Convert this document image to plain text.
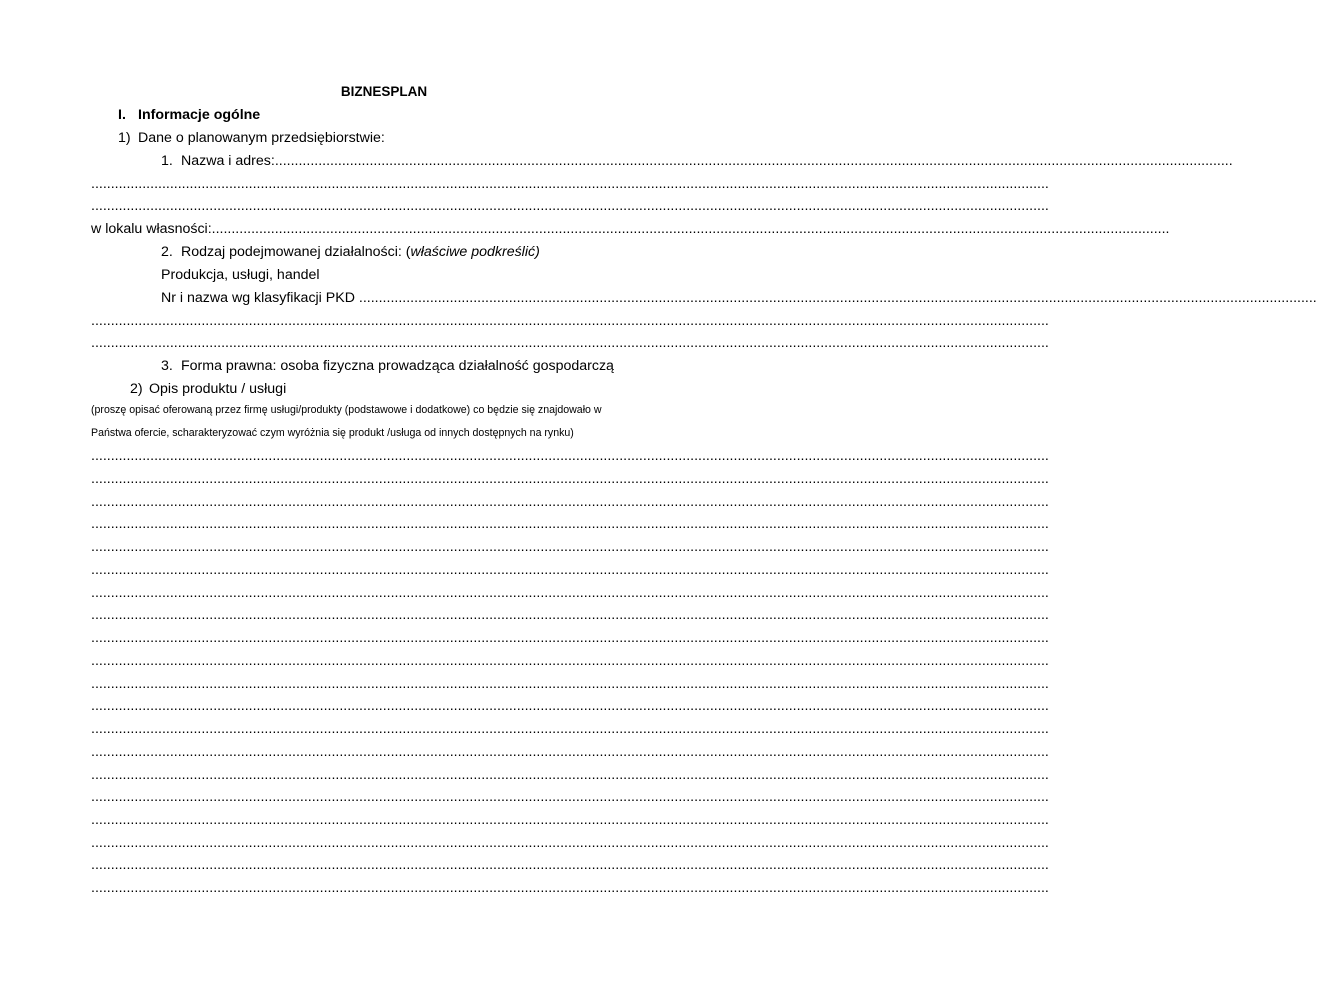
BIZNESPLAN
I. Informacje ogólne
1) Dane o planowanym przedsiębiorstwie:
1. Nazwa i adres:...................................................................................................................................................................................................................................................
...................................................................................................................................................................................................................................................
...................................................................................................................................................................................................................................................
w lokalu własności:...................................................................................................................................................................................................................................................
2. Rodzaj podejmowanej działalności: (właściwe podkreślić)
Produkcja, usługi, handel
Nr i nazwa wg klasyfikacji PKD ...................................................................................................................................................................................................................................................
...................................................................................................................................................................................................................................................
...................................................................................................................................................................................................................................................
3. Forma prawna: osoba fizyczna prowadząca działalność gospodarczą
2) Opis produktu / usługi
(proszę opisać oferowaną przez firmę usługi/produkty (podstawowe i dodatkowe) co będzie się znajdowało w
Państwa ofercie, scharakteryzować czym wyróżnia się produkt /usługa od innych dostępnych na rynku)
...................................................................................................................................................................................................................................................
...................................................................................................................................................................................................................................................
...................................................................................................................................................................................................................................................
...................................................................................................................................................................................................................................................
...................................................................................................................................................................................................................................................
...................................................................................................................................................................................................................................................
...................................................................................................................................................................................................................................................
...................................................................................................................................................................................................................................................
...................................................................................................................................................................................................................................................
...................................................................................................................................................................................................................................................
...................................................................................................................................................................................................................................................
...................................................................................................................................................................................................................................................
...................................................................................................................................................................................................................................................
...................................................................................................................................................................................................................................................
...................................................................................................................................................................................................................................................
...................................................................................................................................................................................................................................................
...................................................................................................................................................................................................................................................
...................................................................................................................................................................................................................................................
...................................................................................................................................................................................................................................................
...................................................................................................................................................................................................................................................
